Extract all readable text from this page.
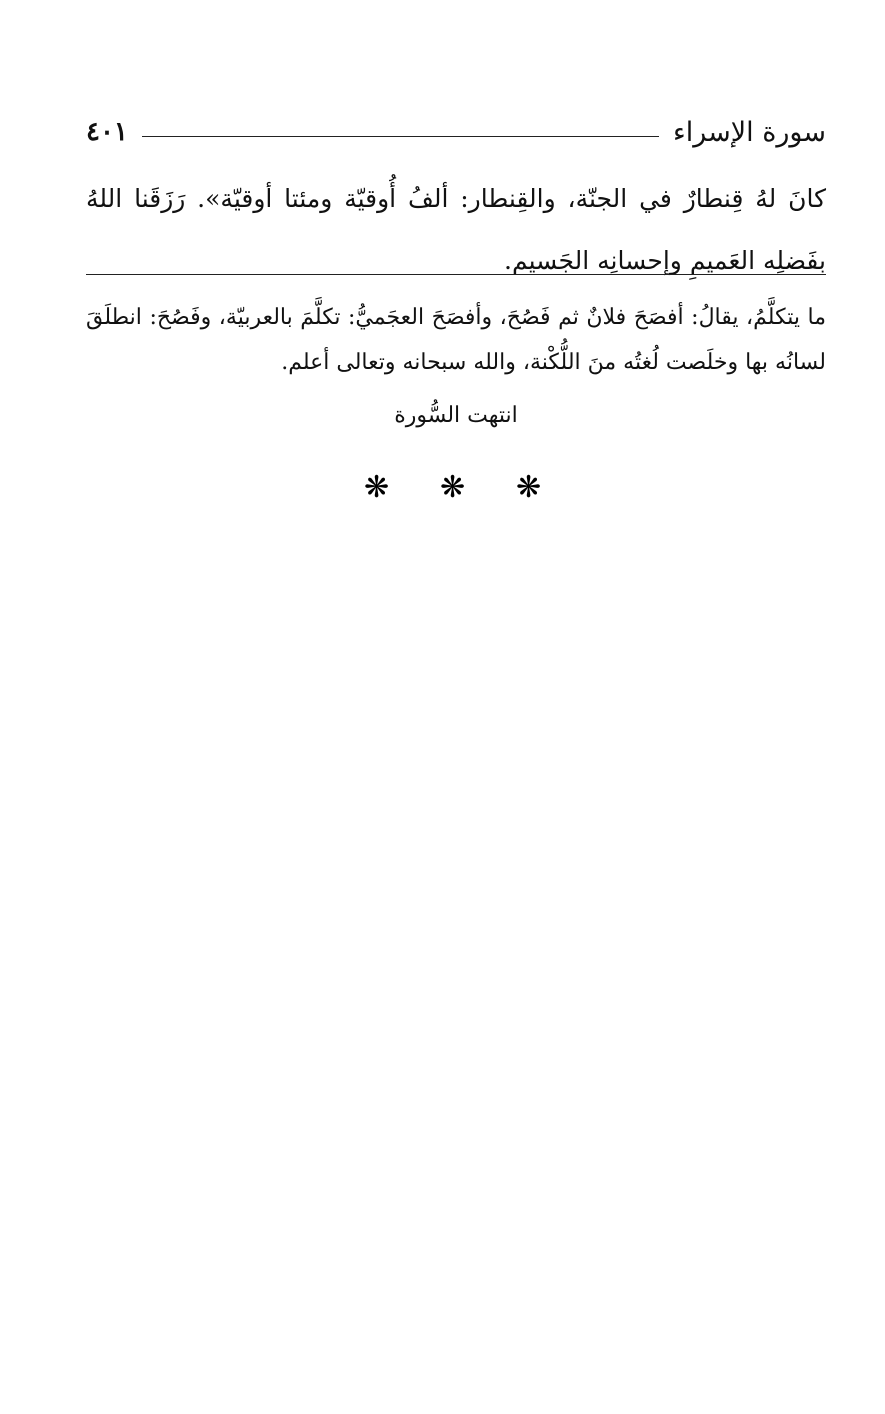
سورة الإسراء
٤٠١
كانَ لهُ قِنطارٌ في الجنّة، والقِنطار: ألفُ أُوقيّة ومئتا أوقيّة». رَزَقَنا اللهُ بفَضلِه العَميمِ وإحسانِه الجَسيم.
ما يتكلَّمُ، يقالُ: أفصَحَ فلانٌ ثم فَصُحَ، وأفصَحَ العجَميُّ: تكلَّمَ بالعربيّة، وفَصُحَ: انطلَقَ لسانُه بها وخلَصت لُغتُه منَ اللُّكْنة، والله سبحانه وتعالى أعلم.
انتهت السُّورة
❋
❋
❋
